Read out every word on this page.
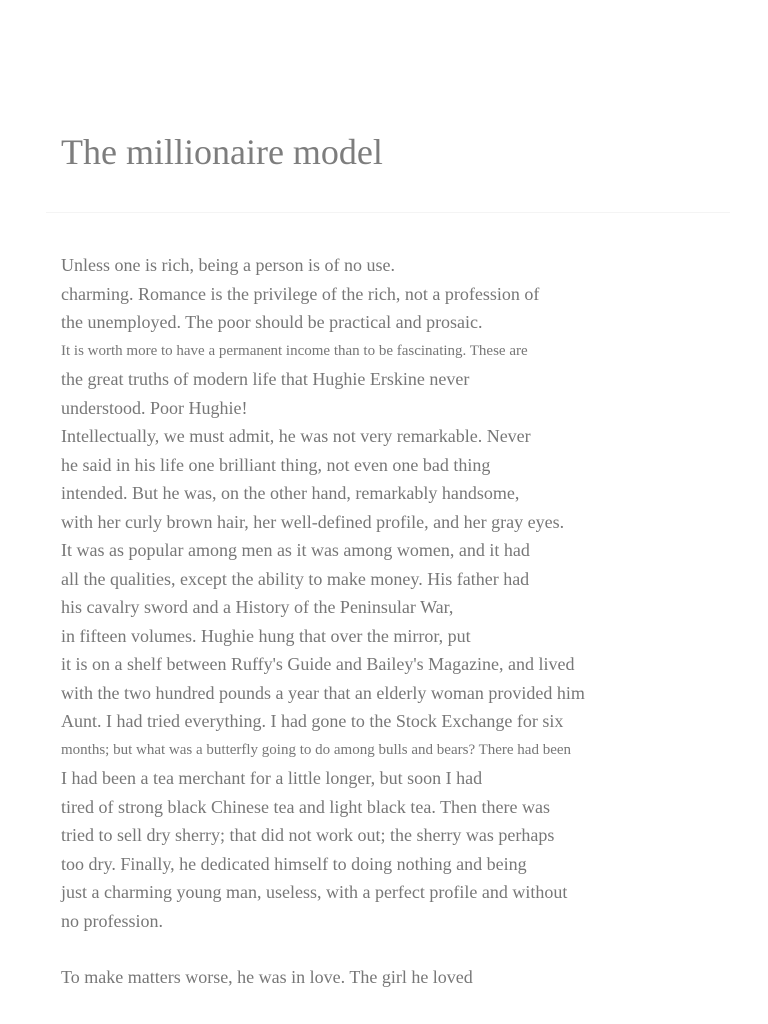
The millionaire model
Unless one is rich, being a person is of no use.
charming. Romance is the privilege of the rich, not a profession of
the unemployed. The poor should be practical and prosaic.
It is worth more to have a permanent income than to be fascinating. These are
the great truths of modern life that Hughie Erskine never
understood. Poor Hughie!
Intellectually, we must admit, he was not very remarkable. Never
he said in his life one brilliant thing, not even one bad thing
intended. But he was, on the other hand, remarkably handsome,
with her curly brown hair, her well-defined profile, and her gray eyes.
It was as popular among men as it was among women, and it had
all the qualities, except the ability to make money. His father had
his cavalry sword and a History of the Peninsular War,
in fifteen volumes. Hughie hung that over the mirror, put
it is on a shelf between Ruffy's Guide and Bailey's Magazine, and lived
with the two hundred pounds a year that an elderly woman provided him
Aunt. I had tried everything. I had gone to the Stock Exchange for six
months; but what was a butterfly going to do among bulls and bears? There had been
I had been a tea merchant for a little longer, but soon I had
tired of strong black Chinese tea and light black tea. Then there was
tried to sell dry sherry; that did not work out; the sherry was perhaps
too dry. Finally, he dedicated himself to doing nothing and being
just a charming young man, useless, with a perfect profile and without
no profession.
To make matters worse, he was in love. The girl he loved
